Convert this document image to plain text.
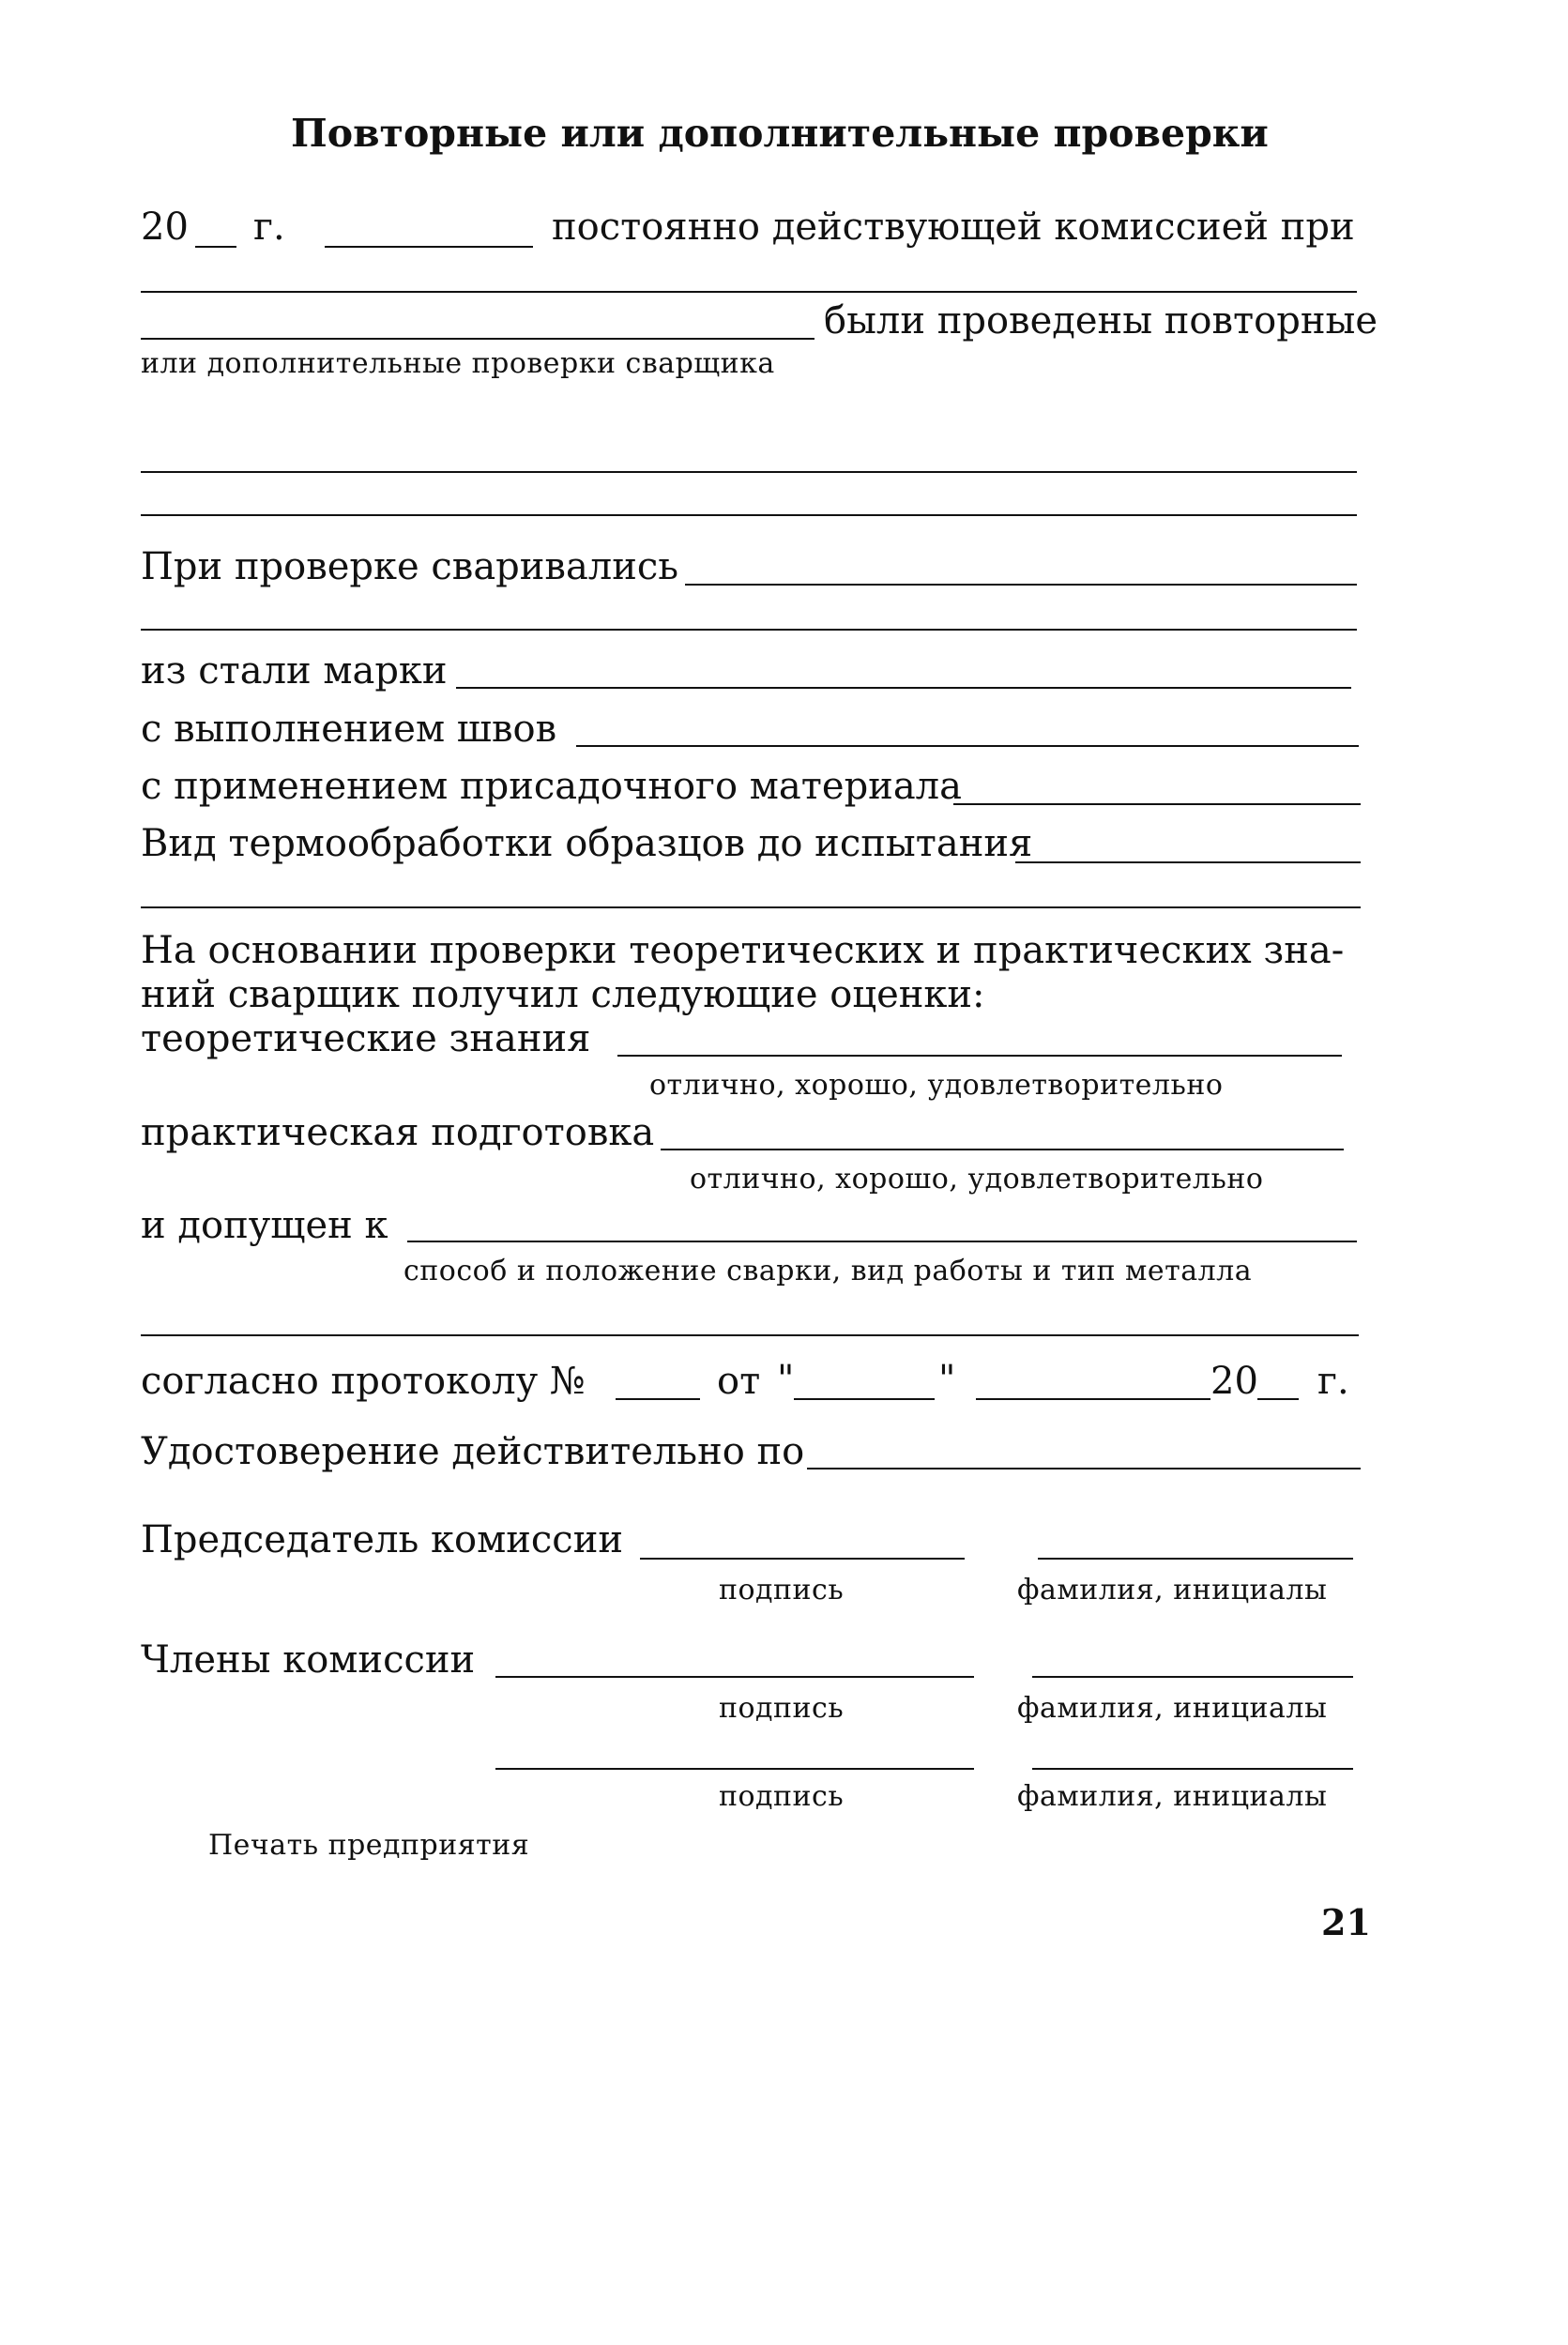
Повторные или дополнительные проверки
20 г.	постоянно действующей комиссией при
были проведены повторные
или дополнительные проверки сварщика
При проверке сваривались
из стали марки
с выполнением швов
с применением присадочного материала
Вид термообработки образцов до испытания
На основании проверки теоретических и практических зна-
ний сварщик получил следующие оценки:
теоретические знания
отлично, хорошо, удовлетворительно
практическая подготовка
отлично, хорошо, удовлетворительно
и допущен к
способ и положение сварки, вид работы и тип металла
согласно протоколу №	от "	"	20 г.
Удостоверение действительно по
Председатель комиссии
подпись	фамилия, инициалы
Члены комиссии
подпись	фамилия, инициалы
подпись	фамилия, инициалы
Печать предприятия
21
